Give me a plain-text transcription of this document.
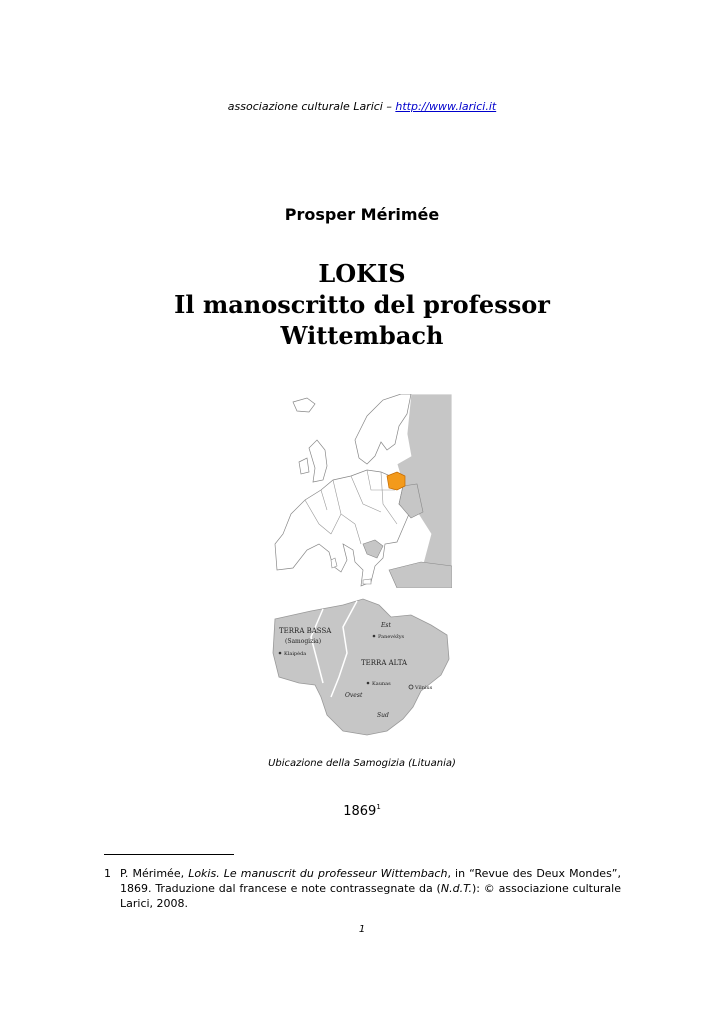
associazione culturale Larici – http://www.larici.it
Prosper Mérimée
LOKIS
Il manoscritto del professor
Wittembach
TERRA BASSA
(Samogizia)
Klaipėda
Est
Panevėžys
TERRA ALTA
Kaunas
Vilnius
Ovest
Sud
Ubicazione della Samogizia (Lituania)
1869$^1$
1 P. Mérimée, Lokis. Le manuscrit du professeur Wittembach, in “Revue des Deux Mondes”, 1869. Traduzione dal francese e note contrassegnate da (N.d.T.): © associazione culturale Larici, 2008.
1
